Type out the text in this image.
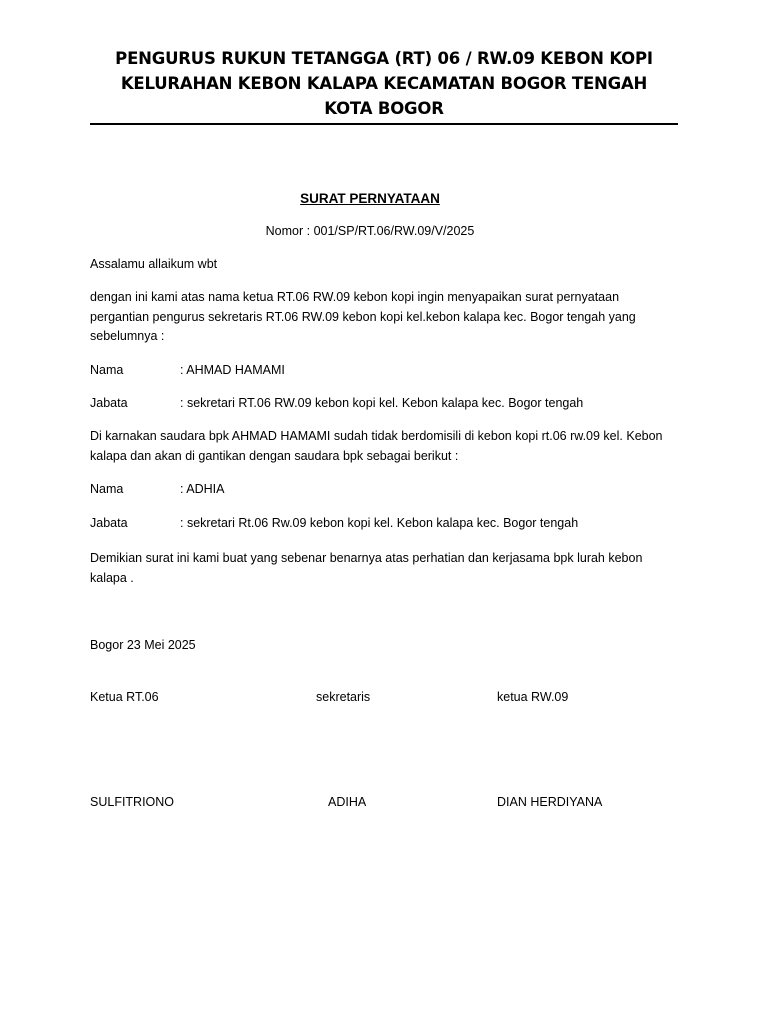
PENGURUS RUKUN TETANGGA (RT) 06 / RW.09 KEBON KOPI
KELURAHAN KEBON KALAPA KECAMATAN BOGOR TENGAH
KOTA BOGOR
SURAT PERNYATAAN
Nomor : 001/SP/RT.06/RW.09/V/2025
Assalamu allaikum wbt
dengan ini kami atas nama ketua RT.06 RW.09 kebon kopi ingin menyapaikan surat pernyataan pergantian pengurus sekretaris RT.06 RW.09 kebon kopi kel.kebon kalapa kec. Bogor tengah yang sebelumnya :
Nama	: AHMAD HAMAMI
Jabata	: sekretari RT.06 RW.09 kebon kopi kel. Kebon kalapa kec. Bogor tengah
Di karnakan saudara bpk AHMAD HAMAMI sudah tidak berdomisili di kebon kopi rt.06 rw.09 kel. Kebon kalapa dan akan di gantikan dengan saudara bpk sebagai berikut :
Nama	: ADHIA
Jabata	: sekretari Rt.06 Rw.09 kebon kopi kel. Kebon kalapa kec. Bogor tengah
Demikian surat ini kami buat yang sebenar benarnya atas perhatian dan kerjasama bpk lurah kebon kalapa .
Bogor 23 Mei 2025
Ketua RT.06	sekretaris	ketua RW.09
SULFITRIONO	ADIHA	DIAN HERDIYANA
